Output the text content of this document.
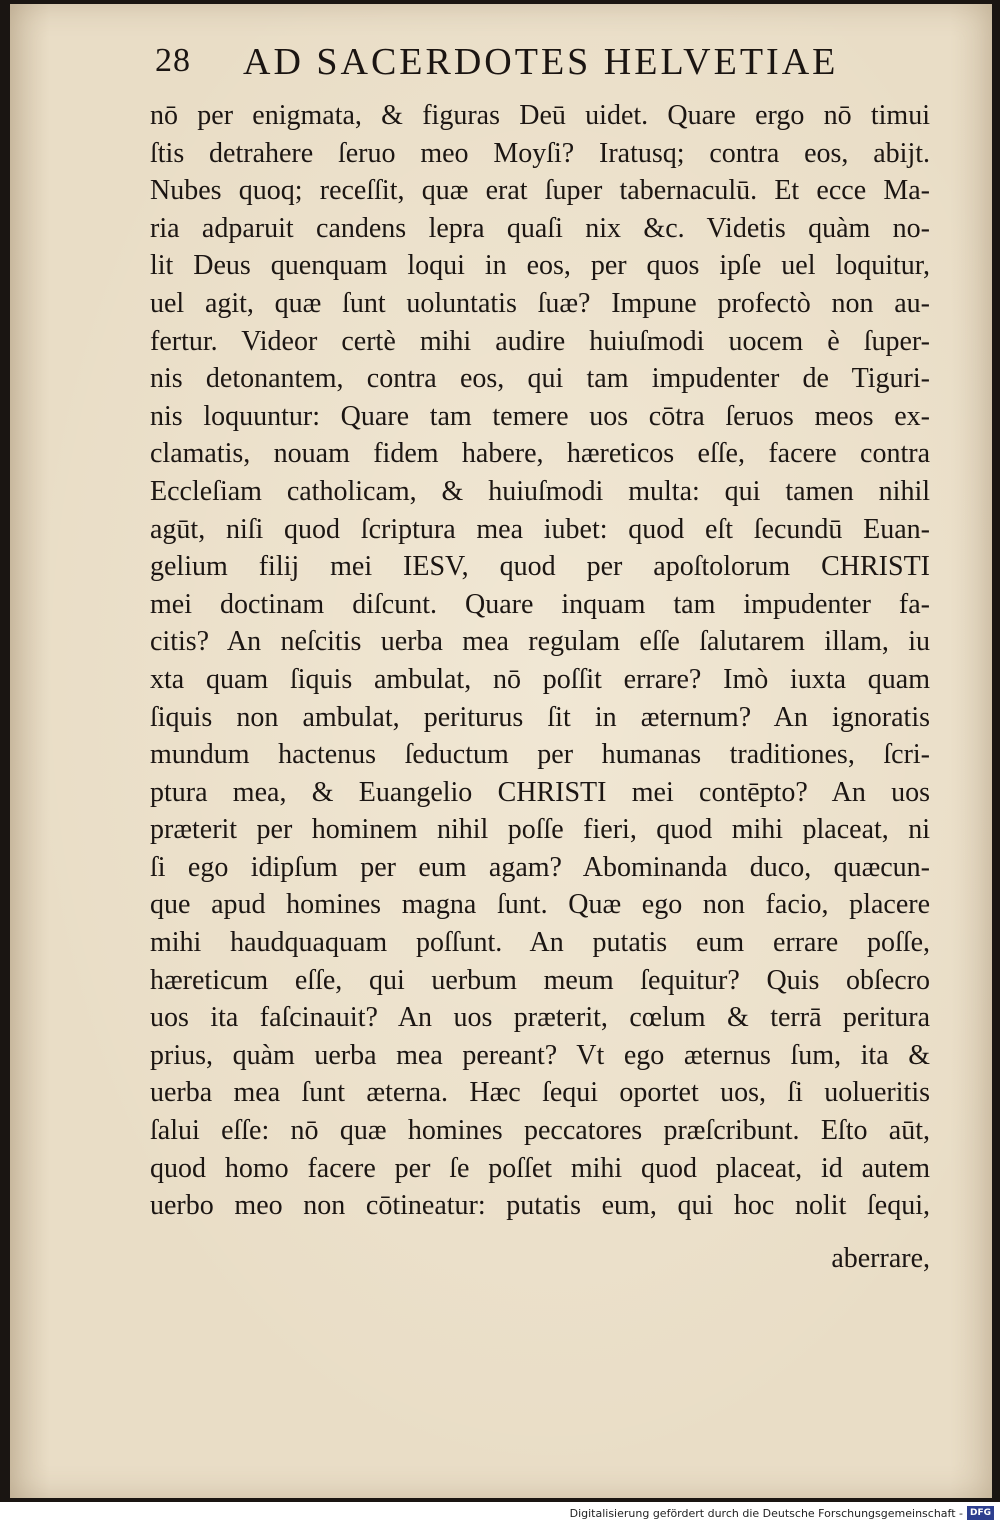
28 AD SACERDOTES HELVETIAE
nō per enigmata, & figuras Deū uidet. Quare ergo nō timui
ſtis detrahere ſeruo meo Moyſi? Iratusq; contra eos, abijt.
Nubes quoq; receſſit, quæ erat ſuper tabernaculū. Et ecce Ma-
ria adparuit candens lepra quaſi nix &c. Videtis quàm no-
lit Deus quenquam loqui in eos, per quos ipſe uel loquitur,
uel agit, quæ ſunt uoluntatis ſuæ? Impune profectò non au-
fertur. Videor certè mihi audire huiuſmodi uocem è ſuper-
nis detonantem, contra eos, qui tam impudenter de Tiguri-
nis loquuntur: Quare tam temere uos cōtra ſeruos meos ex-
clamatis, nouam fidem habere, hæreticos eſſe, facere contra
Eccleſiam catholicam, & huiuſmodi multa: qui tamen nihil
agūt, niſi quod ſcriptura mea iubet: quod eſt ſecundū Euan-
gelium filij mei IESV, quod per apoſtolorum CHRISTI
mei doctinam diſcunt. Quare inquam tam impudenter fa-
citis? An neſcitis uerba mea regulam eſſe ſalutarem illam, iu
xta quam ſiquis ambulat, nō poſſit errare? Imò iuxta quam
ſiquis non ambulat, periturus ſit in æternum? An ignoratis
mundum hactenus ſeductum per humanas traditiones, ſcri-
ptura mea, & Euangelio CHRISTI mei contēpto? An uos
præterit per hominem nihil poſſe fieri, quod mihi placeat, ni
ſi ego idipſum per eum agam? Abominanda duco, quæcun-
que apud homines magna ſunt. Quæ ego non facio, placere
mihi haudquaquam poſſunt. An putatis eum errare poſſe,
hæreticum eſſe, qui uerbum meum ſequitur? Quis obſecro
uos ita faſcinauit? An uos præterit, cœlum & terrā peritura
prius, quàm uerba mea pereant? Vt ego æternus ſum, ita &
uerba mea ſunt æterna. Hæc ſequi oportet uos, ſi uolueritis
ſalui eſſe: nō quæ homines peccatores præſcribunt. Eſto aūt,
quod homo facere per ſe poſſet mihi quod placeat, id autem
uerbo meo non cōtineatur: putatis eum, qui hoc nolit ſequi,
aberrare,
Digitalisierung gefördert durch die Deutsche Forschungsgemeinschaft - DFG
